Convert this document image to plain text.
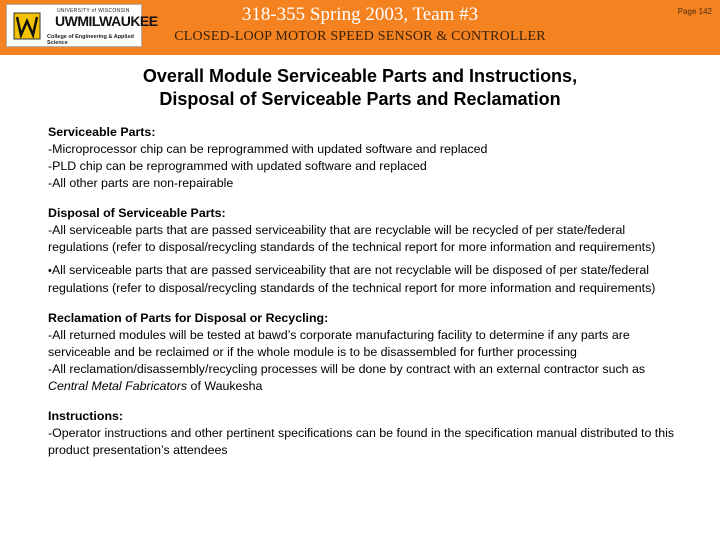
UNIVERSITY of WISCONSIN
UWMILWAUKEE
College of Engineering & Applied Science
318-355 Spring 2003, Team #3
CLOSED-LOOP MOTOR SPEED SENSOR & CONTROLLER
Page 142
Overall Module Serviceable Parts and Instructions,
Disposal of Serviceable Parts and Reclamation
Serviceable Parts:

-Microprocessor chip can be reprogrammed with updated software and replaced

-PLD chip can be reprogrammed with updated software and replaced

-All other parts are non-repairable

Disposal of Serviceable Parts:

-All serviceable parts that are passed serviceability that are recyclable will be recycled of per state/federal regulations (refer to disposal/recycling standards of the technical report for more information and requirements)

•All serviceable parts that are passed serviceability that are not recyclable will be disposed of per state/federal regulations (refer to disposal/recycling standards of the technical report for more information and requirements)

Reclamation of Parts for Disposal or Recycling:

-All returned modules will be tested at bawd’s corporate manufacturing facility to determine if any parts are serviceable and be reclaimed or if the whole module is to be disassembled for further processing

-All reclamation/disassembly/recycling processes will be done by contract with an external contractor such as Central Metal Fabricators of Waukesha

Instructions:

-Operator instructions and other pertinent specifications can be found in the specification manual distributed to this product presentation’s attendees
